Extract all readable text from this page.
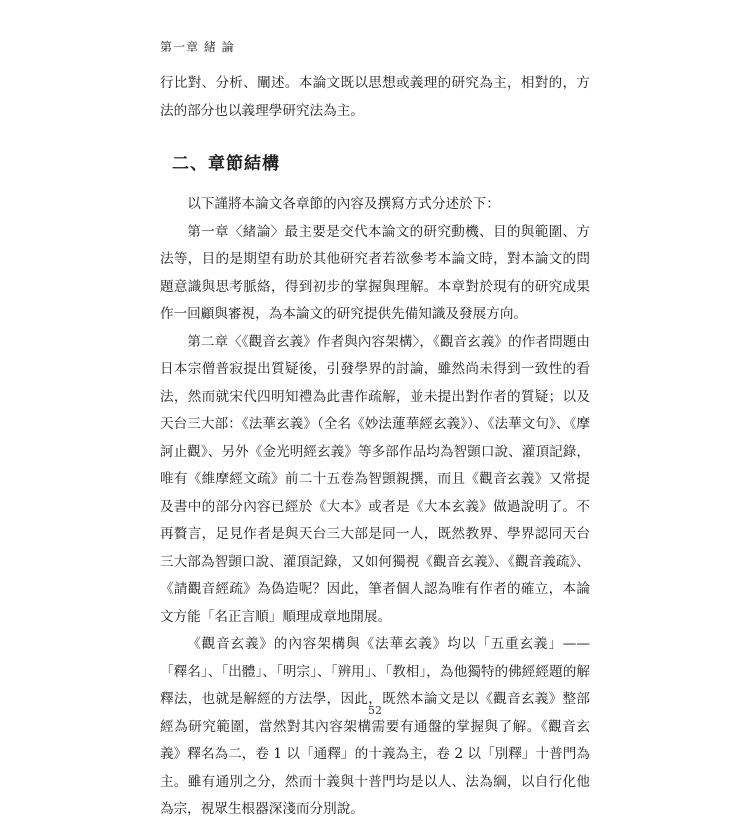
第一章 緒 論

行比對、分析、闡述。本論文既以思想或義理的研究為主，相對的，方法的部分也以義理學研究法為主。

二、章節結構

以下謹將本論文各章節的內容及撰寫方式分述於下：

第一章〈緒論〉最主要是交代本論文的研究動機、目的與範圍、方法等，目的是期望有助於其他研究者若欲參考本論文時，對本論文的問題意識與思考脈絡，得到初步的掌握與理解。本章對於現有的研究成果作一回顧與審視，為本論文的研究提供先備知識及發展方向。

第二章〈《觀音玄義》作者與內容架構〉，《觀音玄義》的作者問題由日本宗僧普寂提出質疑後，引發學界的討論，雖然尚未得到一致性的看法，然而就宋代四明知禮為此書作疏解，並未提出對作者的質疑；以及天台三大部：《法華玄義》（全名《妙法蓮華經玄義》）、《法華文句》、《摩訶止觀》、另外《金光明經玄義》等多部作品均為智顗口說、灌頂記錄，唯有《維摩經文疏》前二十五卷為智顗親撰，而且《觀音玄義》又常提及書中的部分內容已經於《大本》或者是《大本玄義》做過說明了。不再贅言，足見作者是與天台三大部是同一人，既然教界、學界認同天台三大部為智顗口說、灌頂記錄，又如何獨視《觀音玄義》、《觀音義疏》、《請觀音經疏》為偽造呢？因此，筆者個人認為唯有作者的確立，本論文方能「名正言順」順理成章地開展。

《觀音玄義》的內容架構與《法華玄義》均以「五重玄義」——「釋名」、「出體」、「明宗」、「辨用」、「教相」，為他獨特的佛經經題的解釋法，也就是解經的方法學，因此，既然本論文是以《觀音玄義》整部經為研究範圍，當然對其內容架構需要有通盤的掌握與了解。《觀音玄義》釋名為二，卷 1 以「通釋」的十義為主，卷 2 以「別釋」十普門為主。雖有通別之分，然而十義與十普門均是以人、法為綱，以自行化他為宗，視眾生根器深淺而分別說。

52
